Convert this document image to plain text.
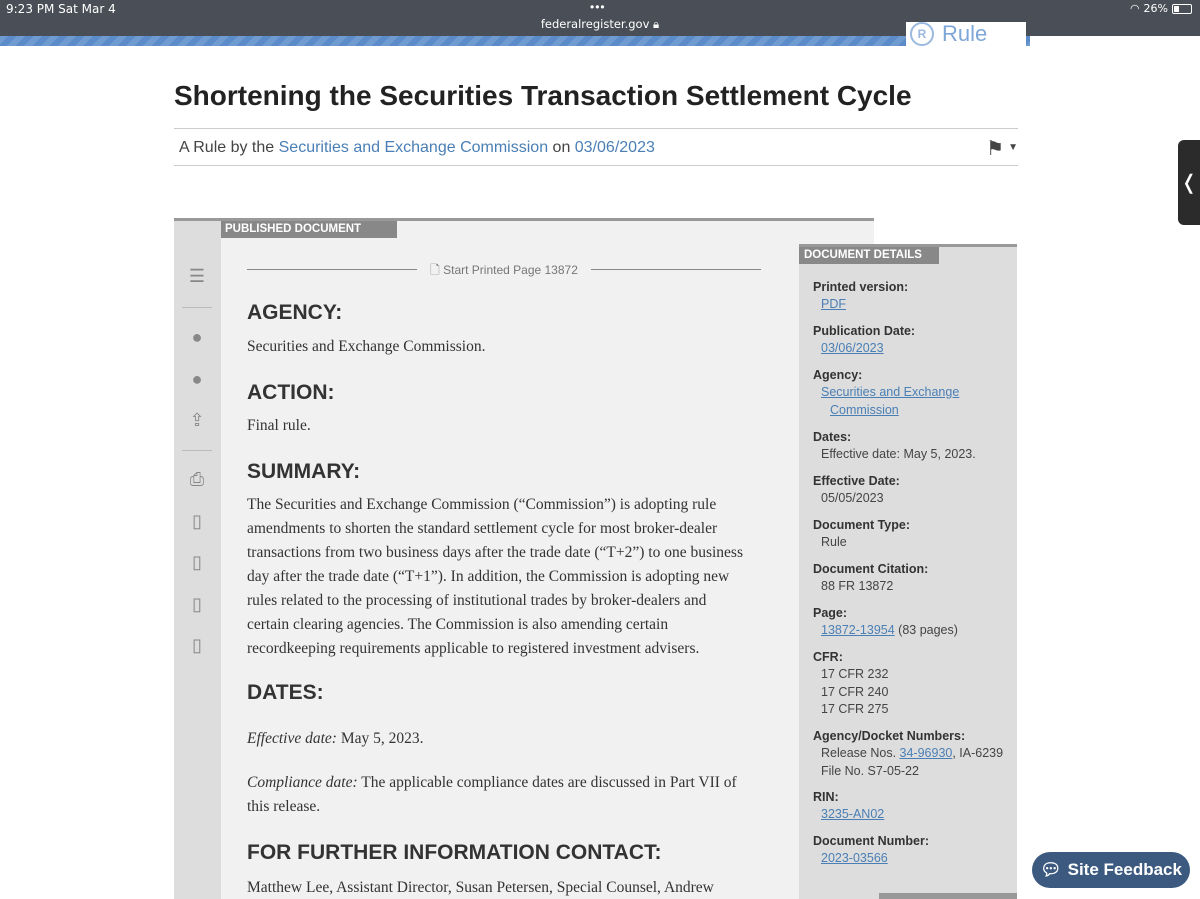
9:23 PM Sat Mar 4	•••
federalregister.gov 🔒︎
◠ 26%
R Rule
Shortening the Securities Transaction Settlement Cycle
A Rule by the Securities and Exchange Commission on 03/06/2023	⚑ ▼
❬
☰
●
●
⇪
⎙
▯
▯
▯
▯
PUBLISHED DOCUMENT
🗋︎ Start Printed Page 13872
AGENCY:

Securities and Exchange Commission.

ACTION:

Final rule.

SUMMARY:

The Securities and Exchange Commission (“Commission”) is adopting rule amendments to shorten the standard settlement cycle for most broker-dealer transactions from two business days after the trade date (“T+2”) to one business day after the trade date (“T+1”). In addition, the Commission is adopting new rules related to the processing of institutional trades by broker-dealers and certain clearing agencies. The Commission is also amending certain recordkeeping requirements applicable to registered investment advisers.

DATES:

Effective date: May 5, 2023.

Compliance date: The applicable compliance dates are discussed in Part VII of this release.

FOR FURTHER INFORMATION CONTACT:

Matthew Lee, Assistant Director, Susan Petersen, Special Counsel, Andrew

DOCUMENT DETAILS
Printed version:
PDF
Publication Date:
03/06/2023
Agency:
Securities and Exchange
Commission
Dates:
Effective date: May 5, 2023.
Effective Date:
05/05/2023
Document Type:
Rule
Document Citation:
88 FR 13872
Page:
13872-13954 (83 pages)
CFR:
17 CFR 232
17 CFR 240
17 CFR 275
Agency/Docket Numbers:
Release Nos. 34-96930, IA-6239
File No. S7-05-22
RIN:
3235-AN02
Document Number:
2023-03566
💬︎ Site Feedback
